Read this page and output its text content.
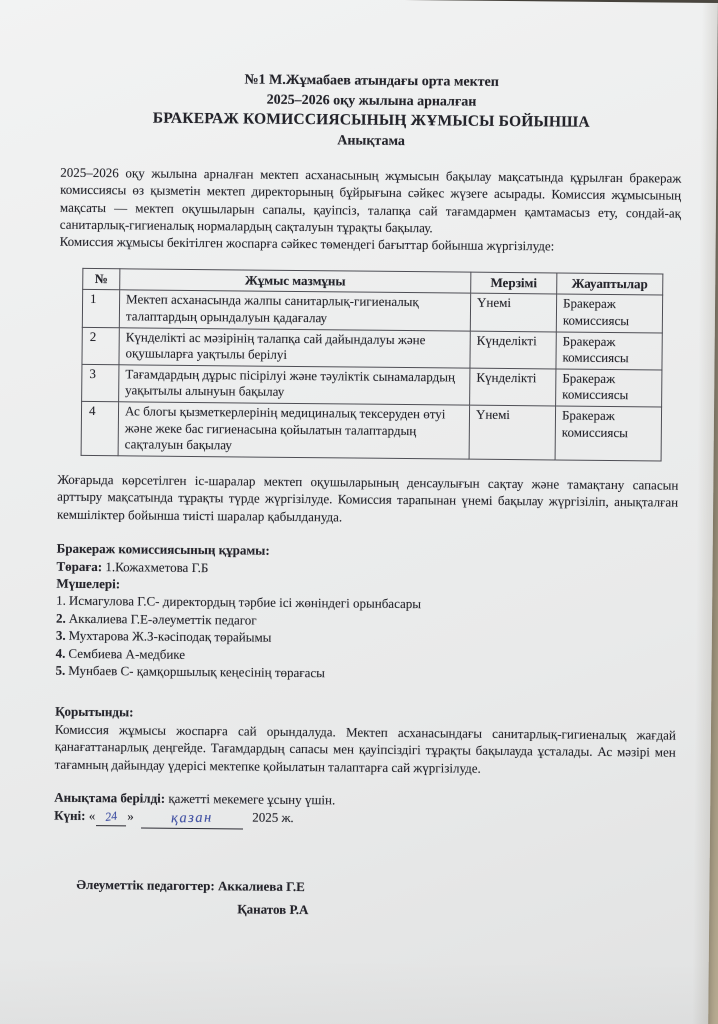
№1 М.Жұмабаев атындағы орта мектеп
2025–2026 оқу жылына арналған
БРАКЕРАЖ КОМИССИЯСЫНЫҢ ЖҰМЫСЫ БОЙЫНША
Анықтама

2025–2026 оқу жылына арналған мектеп асханасының жұмысын бақылау мақсатында құрылған бракераж комиссиясы өз қызметін мектеп директорының бұйрығына сәйкес жүзеге асырады. Комиссия жұмысының мақсаты — мектеп оқушыларын сапалы, қауіпсіз, талапқа сай тағамдармен қамтамасыз ету, сондай-ақ санитарлық-гигиеналық нормалардың сақталуын тұрақты бақылау.

Комиссия жұмысы бекітілген жоспарға сәйкес төмендегі бағыттар бойынша жүргізілуде:

№	Жұмыс мазмұны	Мерзімі	Жауаптылар
1	Мектеп асханасында жалпы санитарлық-гигиеналық талаптардың орындалуын қадағалау	Үнемі	Бракераж комиссиясы
2	Күнделікті ас мәзірінің талапқа сай дайындалуы және оқушыларға уақтылы берілуі	Күнделікті	Бракераж комиссиясы
3	Тағамдардың дұрыс пісірілуі және тәуліктік сынамалардың уақытылы алынуын бақылау	Күнделікті	Бракераж комиссиясы
4	Ас блогы қызметкерлерінің медициналық тексеруден өтуі және жеке бас гигиенасына қойылатын талаптардың сақталуын бақылау	Үнемі	Бракераж комиссиясы

Жоғарыда көрсетілген іс-шаралар мектеп оқушыларының денсаулығын сақтау және тамақтану сапасын арттыру мақсатында тұрақты түрде жүргізілуде. Комиссия тарапынан үнемі бақылау жүргізіліп, анықталған кемшіліктер бойынша тиісті шаралар қабылдануда.

Бракераж комиссиясының құрамы:

Төраға: 1.Кожахметова Г.Б

Мүшелері:

1. Исмагулова Г.С- директордың тәрбие ісі жөніндегі орынбасары

2. Аккалиева Г.Е-әлеуметтік педагог

3. Мухтарова Ж.З-кәсіподақ төрайымы

4. Сембиева А-медбике

5. Мунбаев С- қамқоршылық кеңесінің төрағасы

Қорытынды:

Комиссия жұмысы жоспарға сай орындалуда. Мектеп асханасындағы санитарлық-гигиеналық жағдай қанағаттанарлық деңгейде. Тағамдардың сапасы мен қауіпсіздігі тұрақты бақылауда ұсталады. Ас мәзірі мен тағамның дайындау үдерісі мектепке қойылатын талаптарға сай жүргізілуде.

Анықтама берілді: қажетті мекемеге ұсыну үшін.

Күні: « 24 »	қазан	2025 ж.

Әлеуметтік педагогтер: Аккалиева Г.Е

Қанатов Р.А
